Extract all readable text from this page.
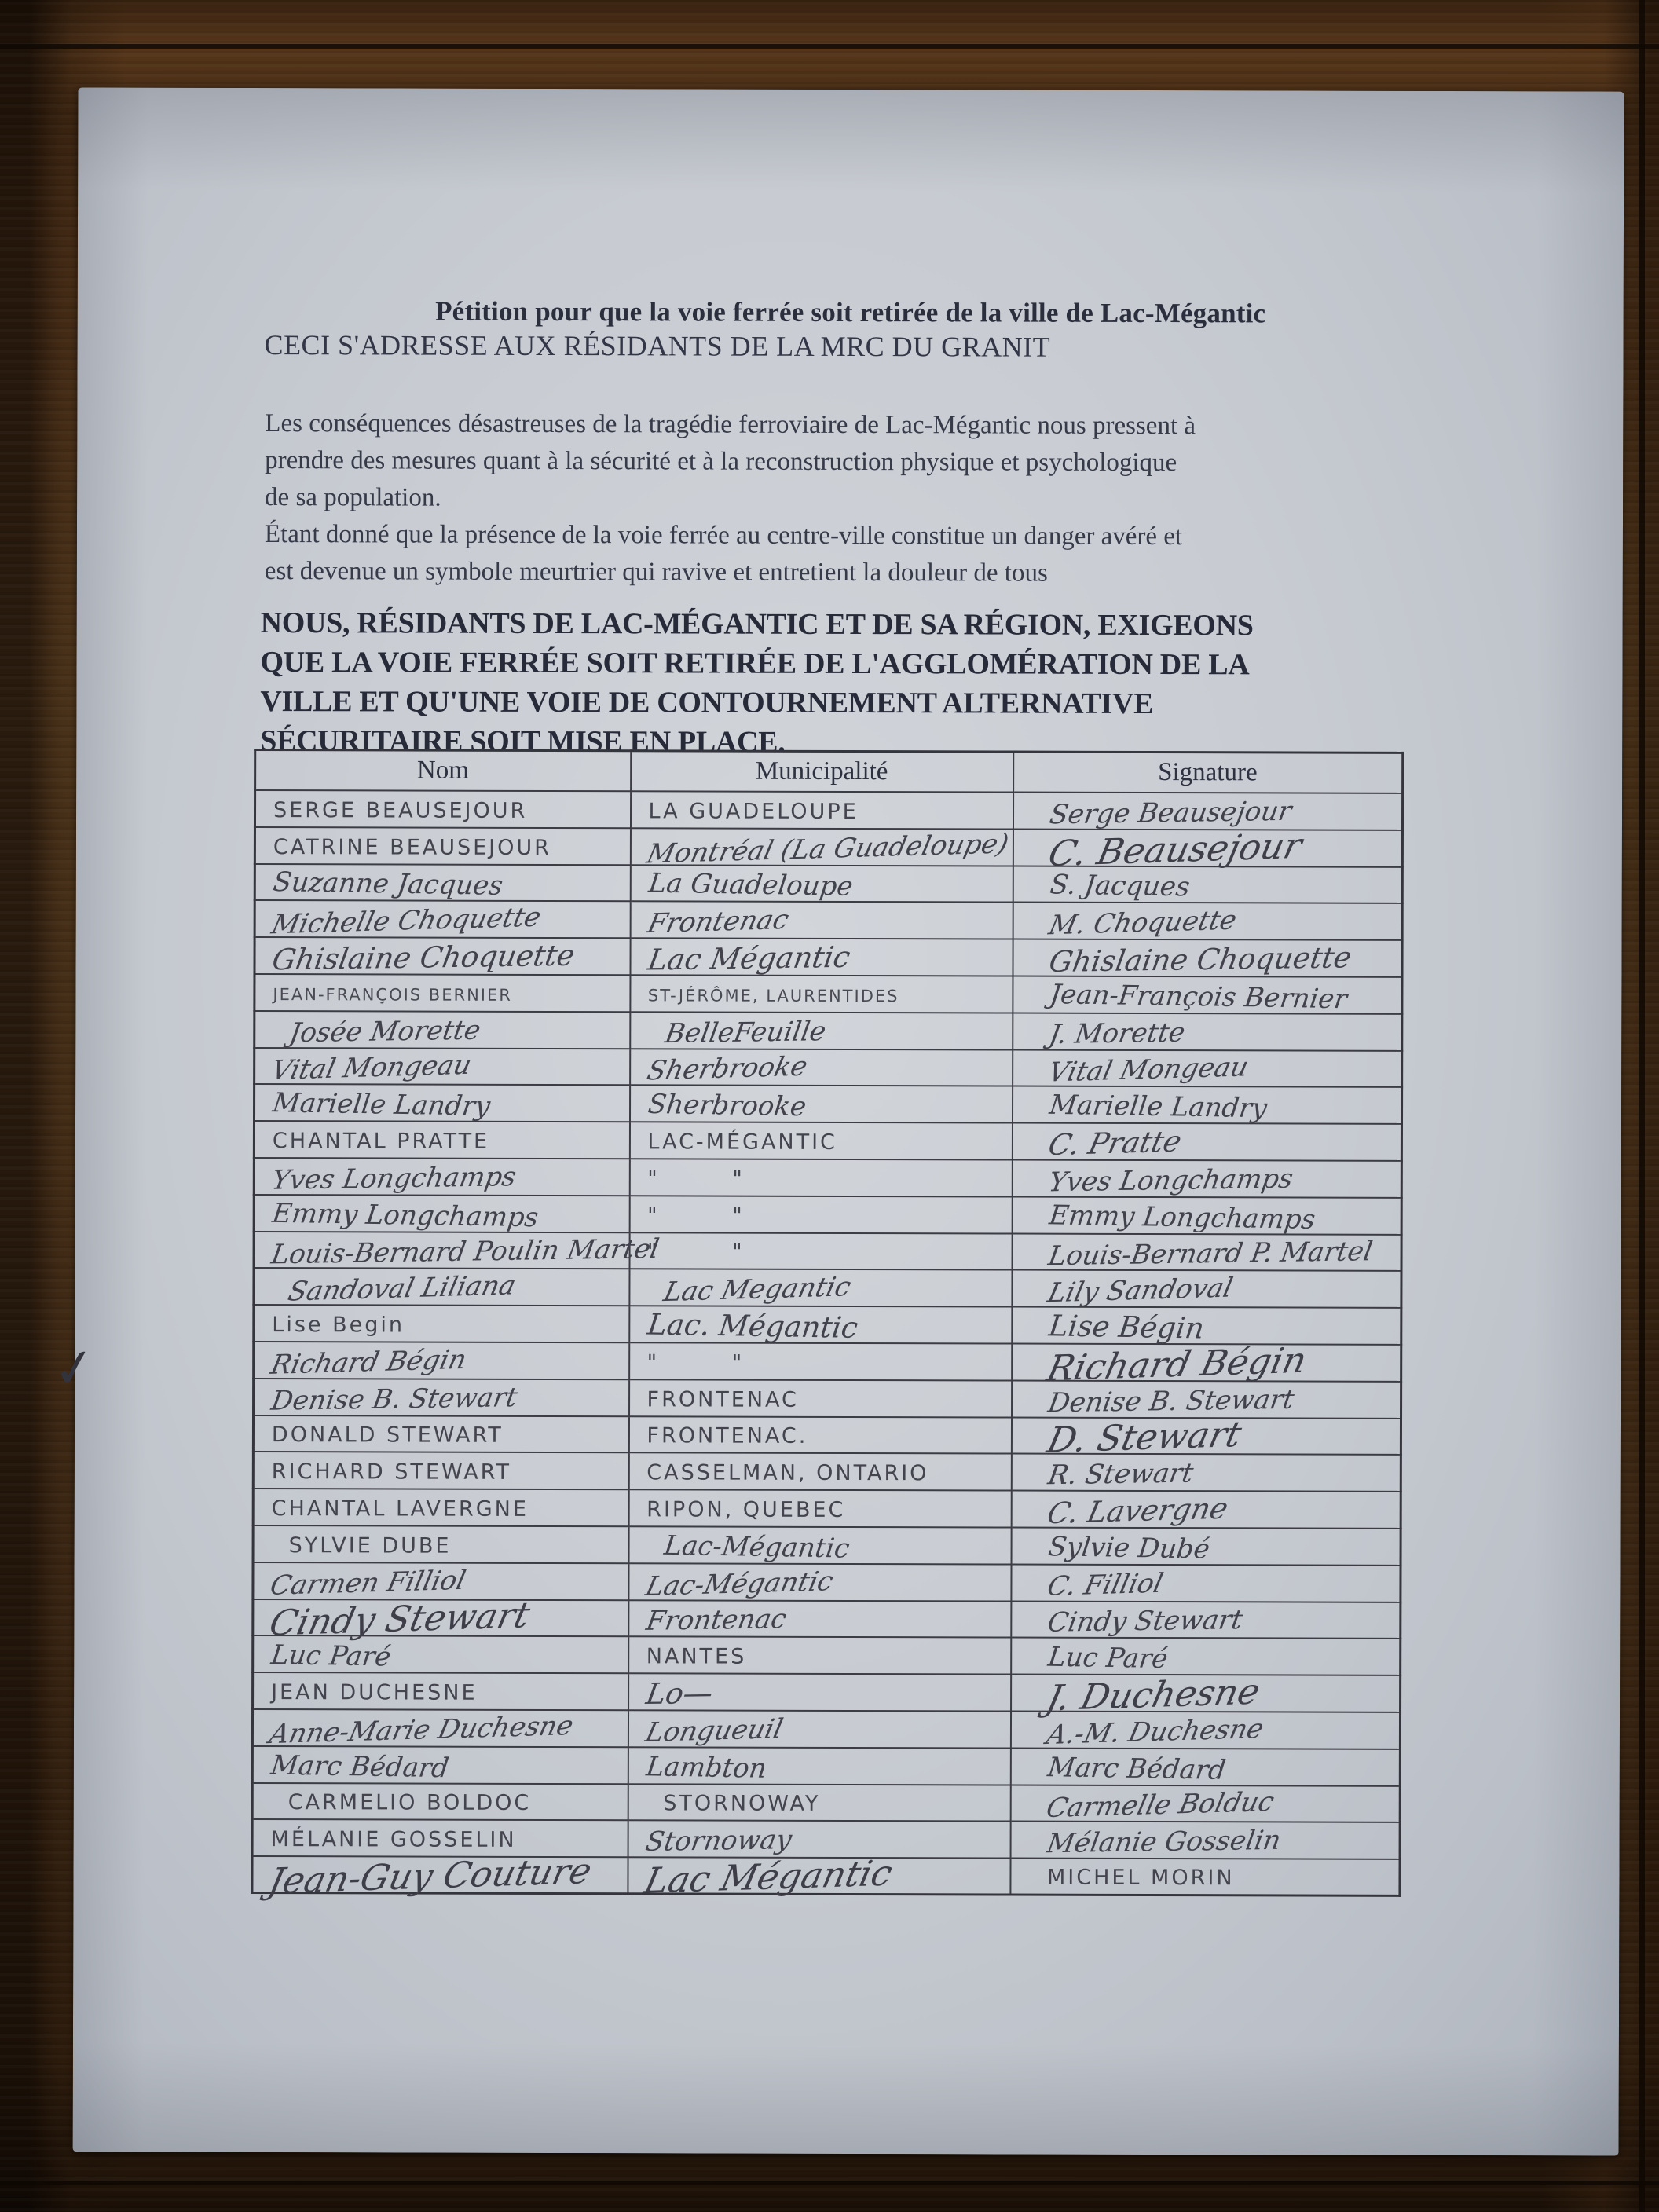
Pétition pour que la voie ferrée soit retirée de la ville de Lac-Mégantic
CECI S'ADRESSE AUX RÉSIDANTS DE LA MRC DU GRANIT
Les conséquences désastreuses de la tragédie ferroviaire de Lac-Mégantic nous pressent à
prendre des mesures quant à la sécurité et à la reconstruction physique et psychologique
de sa population.
Étant donné que la présence de la voie ferrée au centre-ville constitue un danger avéré et
est devenue un symbole meurtrier qui ravive et entretient la douleur de tous
NOUS, RÉSIDANTS DE LAC-MÉGANTIC ET DE SA RÉGION, EXIGEONS
QUE LA VOIE FERRÉE SOIT RETIRÉE DE L'AGGLOMÉRATION DE LA
VILLE ET QU'UNE VOIE DE CONTOURNEMENT ALTERNATIVE
SÉCURITAIRE SOIT MISE EN PLACE.
Nom	Municipalité	Signature
SERGE BEAUSEJOUR	LA GUADELOUPE	Serge Beausejour
CATRINE BEAUSEJOUR	Montréal (La Guadeloupe)	C. Beausejour
Suzanne Jacques	La Guadeloupe	S. Jacques
Michelle Choquette	Frontenac	M. Choquette
Ghislaine Choquette	Lac Mégantic	Ghislaine Choquette
JEAN-FRANÇOIS BERNIER	ST-JÉRÔME, LAURENTIDES	Jean-François Bernier
Josée Morette	BelleFeuille	J. Morette
Vital Mongeau	Sherbrooke	Vital Mongeau
Marielle Landry	Sherbrooke	Marielle Landry
CHANTAL PRATTE	LAC-MÉGANTIC	C. Pratte
Yves Longchamps	"        "	Yves Longchamps
Emmy Longchamps	"        "	Emmy Longchamps
Louis-Bernard Poulin Martel	"        "	Louis-Bernard P. Martel
Sandoval Liliana	Lac Megantic	Lily Sandoval
Lise Begin	Lac. Mégantic	Lise Bégin
Richard Bégin	"        "	Richard Bégin
Denise B. Stewart	FRONTENAC	Denise B. Stewart
DONALD STEWART	FRONTENAC.	D. Stewart
RICHARD STEWART	CASSELMAN, ONTARIO	R. Stewart
CHANTAL LAVERGNE	RIPON, QUEBEC	C. Lavergne
SYLVIE DUBE	Lac-Mégantic	Sylvie Dubé
Carmen Filliol	Lac-Mégantic	C. Filliol
Cindy Stewart	Frontenac	Cindy Stewart
Luc Paré	NANTES	Luc Paré
JEAN DUCHESNE	Lo—	J. Duchesne
Anne-Marie Duchesne	Longueuil	A.-M. Duchesne
Marc Bédard	Lambton	Marc Bédard
CARMELIO BOLDOC	STORNOWAY	Carmelle Bolduc
MÉLANIE GOSSELIN	Stornoway	Mélanie Gosselin
Jean-Guy Couture	Lac Mégantic	MICHEL MORIN
✓
